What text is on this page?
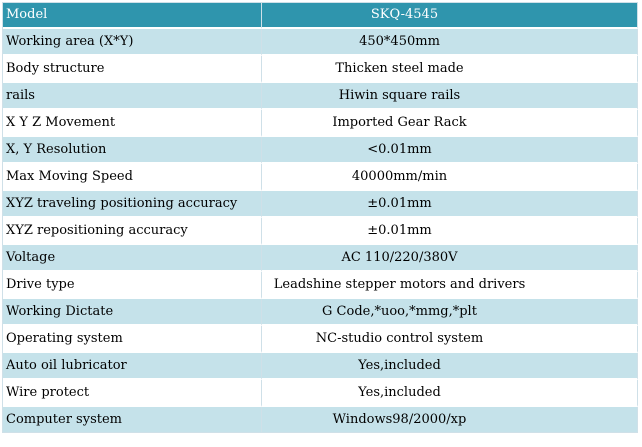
Model	SKQ-4545
Working area (X*Y)	450*450mm
Body structure	Thicken steel made
rails	Hiwin square rails
X Y Z Movement	Imported Gear Rack
X, Y Resolution	<0.01mm
Max Moving Speed	40000mm/min
XYZ traveling positioning accuracy	±0.01mm
XYZ repositioning accuracy	±0.01mm
Voltage	AC 110/220/380V
Drive type	Leadshine stepper motors and drivers
Working Dictate	G Code,*uoo,*mmg,*plt
Operating system	NC-studio control system
Auto oil lubricator	Yes,included
Wire protect	Yes,included
Computer system	Windows98/2000/xp
